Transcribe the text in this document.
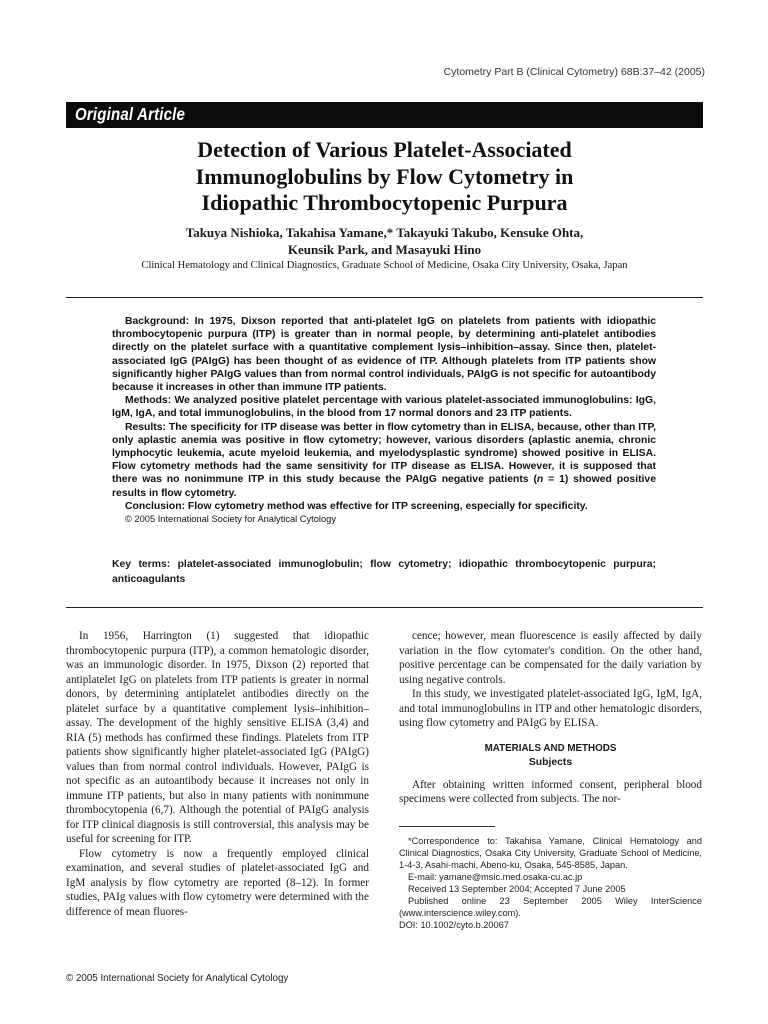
Cytometry Part B (Clinical Cytometry) 68B:37–42 (2005)
Original Article
Detection of Various Platelet-Associated
Immunoglobulins by Flow Cytometry in
Idiopathic Thrombocytopenic Purpura
Takuya Nishioka, Takahisa Yamane,* Takayuki Takubo, Kensuke Ohta,
Keunsik Park, and Masayuki Hino
Clinical Hematology and Clinical Diagnostics, Graduate School of Medicine, Osaka City University, Osaka, Japan

Background: In 1975, Dixson reported that anti-platelet IgG on platelets from patients with idiopathic thrombocytopenic purpura (ITP) is greater than in normal people, by determining anti-platelet antibodies directly on the platelet surface with a quantitative complement lysis–inhibition–assay. Since then, platelet-associated IgG (PAIgG) has been thought of as evidence of ITP. Although platelets from ITP patients show significantly higher PAIgG values than from normal control individuals, PAIgG is not specific for autoantibody because it increases in other than immune ITP patients.

Methods: We analyzed positive platelet percentage with various platelet-associated immunoglobulins: IgG, IgM, IgA, and total immunoglobulins, in the blood from 17 normal donors and 23 ITP patients.

Results: The specificity for ITP disease was better in flow cytometry than in ELISA, because, other than ITP, only aplastic anemia was positive in flow cytometry; however, various disorders (aplastic anemia, chronic lymphocytic leukemia, acute myeloid leukemia, and myelodysplastic syndrome) showed positive in ELISA. Flow cytometry methods had the same sensitivity for ITP disease as ELISA. However, it is supposed that there was no nonimmune ITP in this study because the PAIgG negative patients (n = 1) showed positive results in flow cytometry.

Conclusion: Flow cytometry method was effective for ITP screening, especially for specificity.

© 2005 International Society for Analytical Cytology

Key terms: platelet-associated immunoglobulin; flow cytometry; idiopathic thrombocytopenic purpura; anticoagulants

In 1956, Harrington (1) suggested that idiopathic thrombocytopenic purpura (ITP), a common hematologic disorder, was an immunologic disorder. In 1975, Dixson (2) reported that antiplatelet IgG on platelets from ITP patients is greater in normal donors, by determining antiplatelet antibodies directly on the platelet surface by a quantitative complement lysis–inhibition–assay. The development of the highly sensitive ELISA (3,4) and RIA (5) methods has confirmed these findings. Platelets from ITP patients show significantly higher platelet-associated IgG (PAIgG) values than from normal control individuals. However, PAIgG is not specific as an autoantibody because it increases not only in immune ITP patients, but also in many patients with nonimmune thrombocytopenia (6,7). Although the potential of PAIgG analysis for ITP clinical diagnosis is still controversial, this analysis may be useful for screening for ITP.

Flow cytometry is now a frequently employed clinical examination, and several studies of platelet-associated IgG and IgM analysis by flow cytometry are reported (8–12). In former studies, PAIg values with flow cytometry were determined with the difference of mean fluores-

cence; however, mean fluorescence is easily affected by daily variation in the flow cytomater's condition. On the other hand, positive percentage can be compensated for the daily variation by using negative controls.

In this study, we investigated platelet-associated IgG, IgM, IgA, and total immunoglobulins in ITP and other hematologic disorders, using flow cytometry and PAIgG by ELISA.

MATERIALS AND METHODS
Subjects

After obtaining written informed consent, peripheral blood specimens were collected from subjects. The nor-

*Correspondence to: Takahisa Yamane, Clinical Hematology and Clinical Diagnostics, Osaka City University, Graduate School of Medicine, 1-4-3, Asahi-machi, Abeno-ku, Osaka, 545-8585, Japan.

E-mail: yamane@msic.med.osaka-cu.ac.jp

Received 13 September 2004; Accepted 7 June 2005

Published online 23 September 2005 Wiley InterScience (www.interscience.wiley.com).

DOI: 10.1002/cyto.b.20067

© 2005 International Society for Analytical Cytology
